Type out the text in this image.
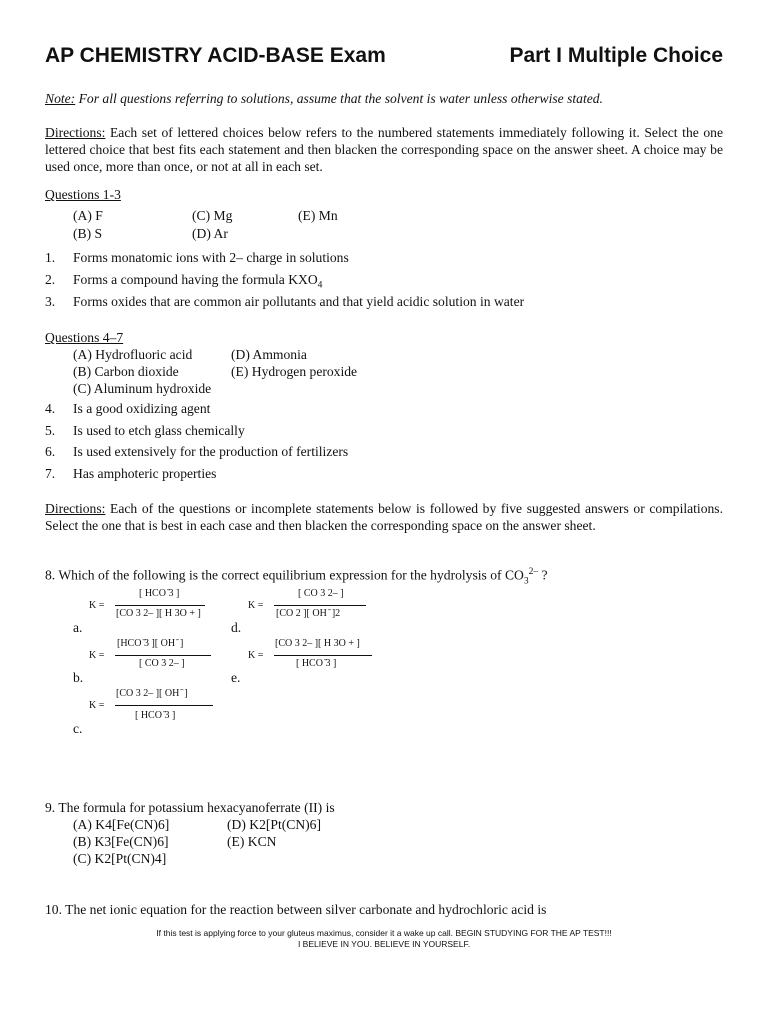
AP CHEMISTRY ACID-BASE Exam	Part I Multiple Choice
Note: For all questions referring to solutions, assume that the solvent is water unless otherwise stated.
Directions: Each set of lettered choices below refers to the numbered statements immediately following it. Select the one lettered choice that best fits each statement and then blacken the corresponding space on the answer sheet. A choice may be used once, more than once, or not at all in each set.
Questions 1-3
(A) F
(B) S
(C) Mg
(D) Ar
(E) Mn
1. Forms monatomic ions with 2– charge in solutions
2. Forms a compound having the formula $KXO_4$
3. Forms oxides that are common air pollutants and that yield acidic solution in water
Questions 4–7
(A) Hydrofluoric acid
(B) Carbon dioxide
(C) Aluminum hydroxide
(D) Ammonia
(E) Hydrogen peroxide
4. Is a good oxidizing agent
5. Is used to etch glass chemically
6. Is used extensively for the production of fertilizers
7. Has amphoteric properties
Directions: Each of the questions or incomplete statements below is followed by five suggested answers or compilations. Select the one that is best in each case and then blacken the corresponding space on the answer sheet.
8. Which of the following is the correct equilibrium expression for the hydrolysis of $CO_3^{2-}$ ?
K =
[ HCO ̄3 ]
[CO 3 2– ][ H 3O + ]
a.
K =
[ CO 3 2– ]
[CO 2 ][ OH ̄ ]2
d.
K =
[HCO ̄3 ][ OH ̄ ]
[ CO 3 2– ]
b.
K =
[CO 3 2– ][ H 3O + ]
[ HCO ̄3 ]
e.
K =
[CO 3 2– ][ OH ̄ ]
[ HCO ̄3 ]
c.
9. The formula for potassium hexacyanoferrate (II) is
(A) K4[Fe(CN)6]
(B) K3[Fe(CN)6]
(C) K2[Pt(CN)4]
(D) K2[Pt(CN)6]
(E) KCN
10. The net ionic equation for the reaction between silver carbonate and hydrochloric acid is
If this test is applying force to your gluteus maximus, consider it a wake up call. BEGIN STUDYING FOR THE AP TEST!!!
I BELIEVE IN YOU. BELIEVE IN YOURSELF.
